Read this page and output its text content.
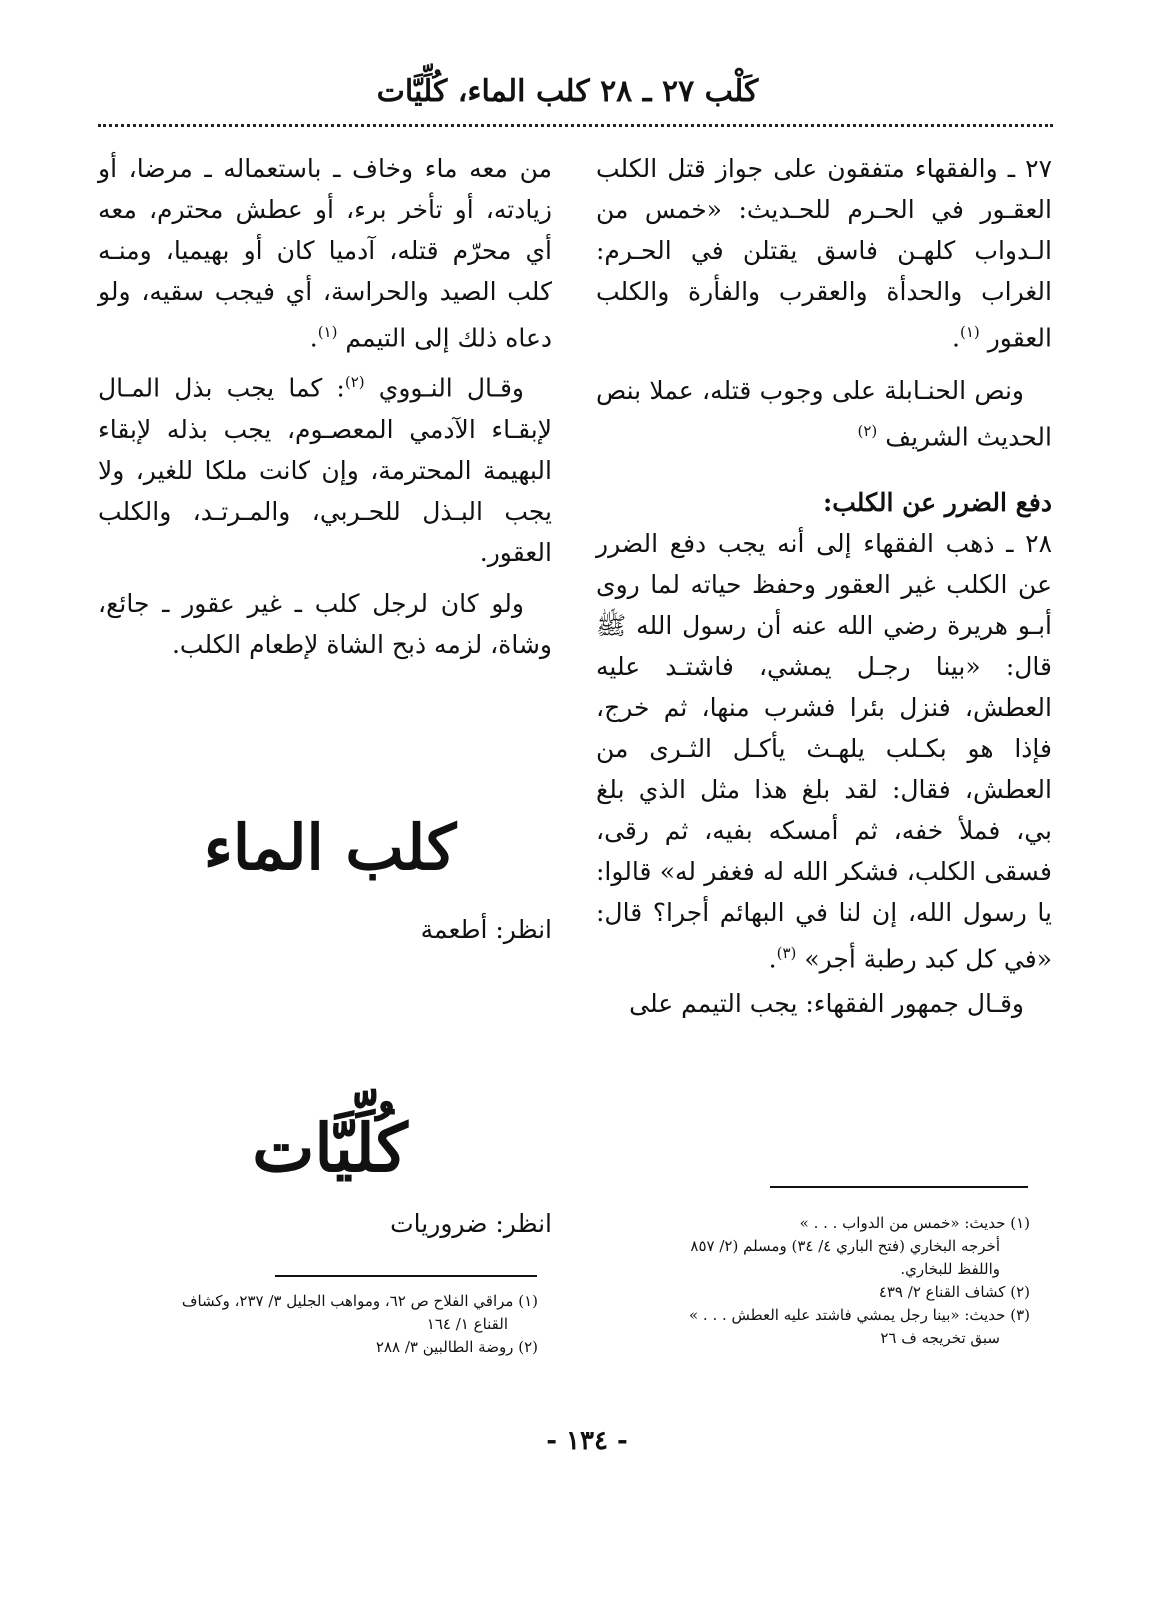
كَلْب ٢٧ ـ ٢٨ كلب الماء، كُلِّيَّات

٢٧ ـ والفقهاء متفقون على جواز قتل الكلب العقـور في الحـرم للحـديث: «خمس من الـدواب كلهـن فاسق يقتلن في الحـرم: الغراب والحدأة والعقرب والفأرة والكلب العقور $^{(١)}$.

ونص الحنـابلة على وجوب قتله، عملا بنص الحديث الشريف $^{(٢)}$

دفع الضرر عن الكلب:

٢٨ ـ ذهب الفقهاء إلى أنه يجب دفع الضرر عن الكلب غير العقور وحفظ حياته لما روى أبـو هريرة رضي الله عنه أن رسول الله ﷺ قال: «بينا رجـل يمشي، فاشتـد عليه العطش، فنزل بئرا فشرب منها، ثم خرج، فإذا هو بكـلب يلهـث يأكـل الثـرى من العطش، فقال: لقد بلغ هذا مثل الذي بلغ بي، فملأ خفه، ثم أمسكه بفيه، ثم رقى، فسقى الكلب، فشكر الله له فغفر له» قالوا: يا رسول الله، إن لنا في البهائم أجرا؟ قال: «في كل كبد رطبة أجر» $^{(٣)}$.

وقـال جمهور الفقهاء: يجب التيمم على

من معه ماء وخاف ـ باستعماله ـ مرضا، أو زيادته، أو تأخر برء، أو عطش محترم، معه أي محرّم قتله، آدميا كان أو بهيميا، ومنـه كلب الصيد والحراسة، أي فيجب سقيه، ولو دعاه ذلك إلى التيمم $^{(١)}$.

وقـال النـووي $^{(٢)}$: كما يجب بذل المـال لإبقـاء الآدمي المعصـوم، يجب بذله لإبقاء البهيمة المحترمة، وإن كانت ملكا للغير، ولا يجب البـذل للحـربي، والمـرتـد، والكلب العقور.

ولو كان لرجل كلب ـ غير عقور ـ جائع، وشاة، لزمه ذبح الشاة لإطعام الكلب.

كلب الماء
انظر: أطعمة
كُلِّيَّات
انظر: ضروريات

(١) مراقي الفلاح ص ٦٢، ومواهب الجليل ٣/ ٢٣٧، وكشاف

القناع ١/ ١٦٤

(٢) روضة الطالبين ٣/ ٢٨٨

(١) حديث: «خمس من الدواب . . . »

أخرجه البخاري (فتح الباري ٤/ ٣٤) ومسلم (٢/ ٨٥٧

واللفظ للبخاري.

(٢) كشاف القناع ٢/ ٤٣٩

(٣) حديث: «بينا رجل يمشي فاشتد عليه العطش . . . »

سبق تخريجه ف ٢٦

- ١٣٤ -
